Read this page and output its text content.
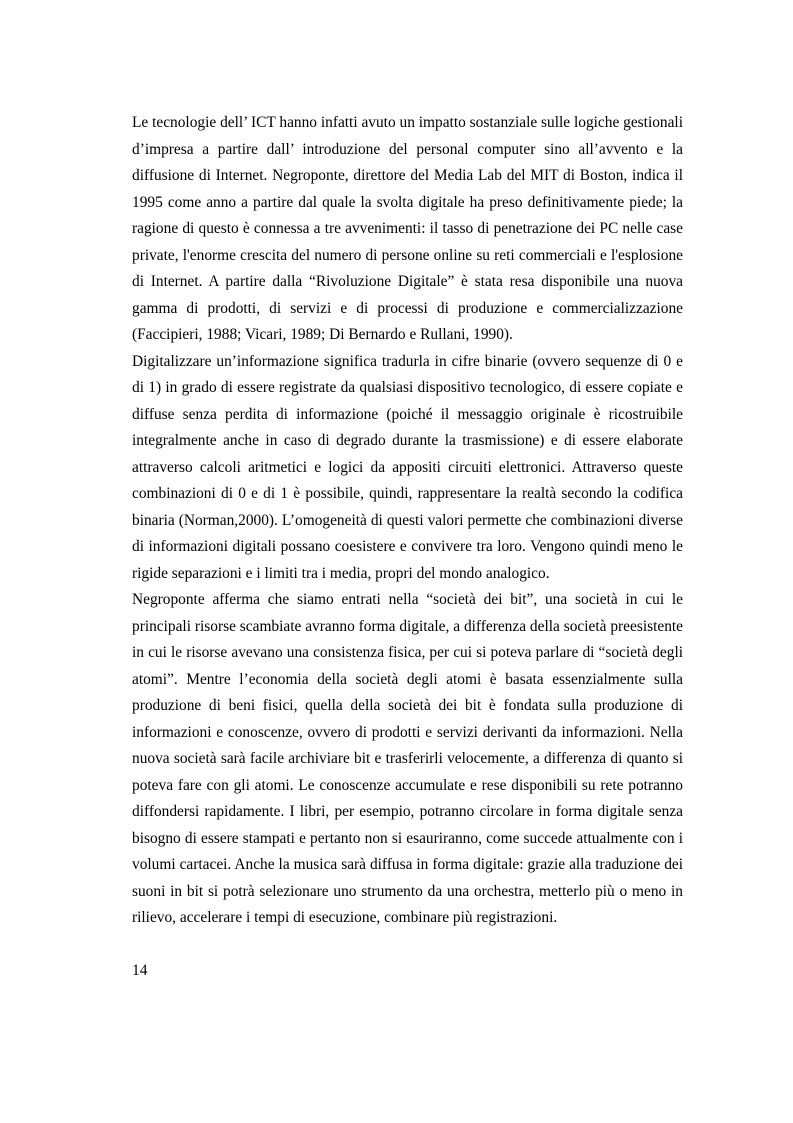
Le tecnologie dell’ ICT hanno infatti avuto un impatto sostanziale sulle logiche gestionali d’impresa a partire dall’ introduzione del personal computer sino all’avvento e la diffusione di Internet. Negroponte, direttore del Media Lab del MIT di Boston, indica il 1995 come anno a partire dal quale la svolta digitale ha preso definitivamente piede; la ragione di questo è connessa a tre avvenimenti: il tasso di penetrazione dei PC nelle case private, l'enorme crescita del numero di persone online su reti commerciali e l'esplosione di Internet. A partire dalla “Rivoluzione Digitale” è stata resa disponibile una nuova gamma di prodotti, di servizi e di processi di produzione e commercializzazione (Faccipieri, 1988; Vicari, 1989; Di Bernardo e Rullani, 1990).

Digitalizzare un’informazione significa tradurla in cifre binarie (ovvero sequenze di 0 e di 1) in grado di essere registrate da qualsiasi dispositivo tecnologico, di essere copiate e diffuse senza perdita di informazione (poiché il messaggio originale è ricostruibile integralmente anche in caso di degrado durante la trasmissione) e di essere elaborate attraverso calcoli aritmetici e logici da appositi circuiti elettronici. Attraverso queste combinazioni di 0 e di 1 è possibile, quindi, rappresentare la realtà secondo la codifica binaria (Norman,2000). L’omogeneità di questi valori permette che combinazioni diverse di informazioni digitali possano coesistere e convivere tra loro. Vengono quindi meno le rigide separazioni e i limiti tra i media, propri del mondo analogico.

Negroponte afferma che siamo entrati nella “società dei bit”, una società in cui le principali risorse scambiate avranno forma digitale, a differenza della società preesistente in cui le risorse avevano una consistenza fisica, per cui si poteva parlare di “società degli atomi”. Mentre l’economia della società degli atomi è basata essenzialmente sulla produzione di beni fisici, quella della società dei bit è fondata sulla produzione di informazioni e conoscenze, ovvero di prodotti e servizi derivanti da informazioni. Nella nuova società sarà facile archiviare bit e trasferirli velocemente, a differenza di quanto si poteva fare con gli atomi. Le conoscenze accumulate e rese disponibili su rete potranno diffondersi rapidamente. I libri, per esempio, potranno circolare in forma digitale senza bisogno di essere stampati e pertanto non si esauriranno, come succede attualmente con i volumi cartacei. Anche la musica sarà diffusa in forma digitale: grazie alla traduzione dei suoni in bit si potrà selezionare uno strumento da una orchestra, metterlo più o meno in rilievo, accelerare i tempi di esecuzione, combinare più registrazioni.

14
